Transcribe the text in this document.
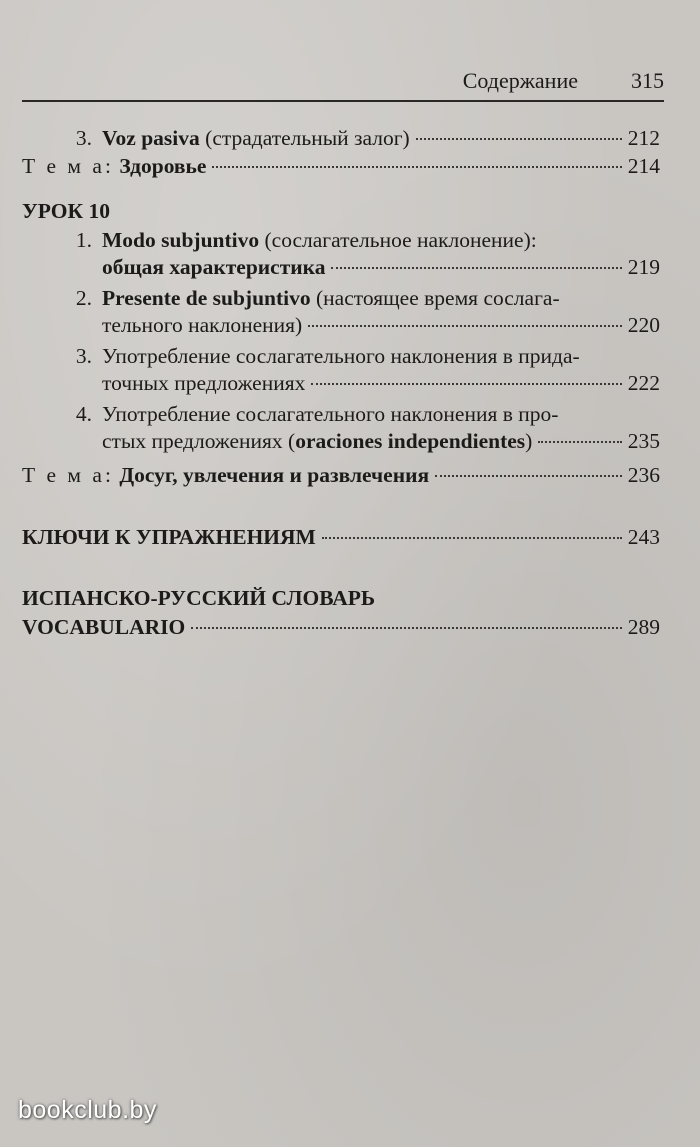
Содержание 315
3. Voz pasiva (страдательный залог)	212
Т е м а: Здоровье	214
УРОК 10
1. Modo subjuntivo (сослагательное наклонение):
общая характеристика	219
2. Presente de subjuntivo (настоящее время сослага-
тельного наклонения)	220
3. Употребление сослагательного наклонения в прида-
точных предложениях	222
4. Употребление сослагательного наклонения в про-
стых предложениях (oraciones independientes)	235
Т е м а: Досуг, увлечения и развлечения	236
КЛЮЧИ К УПРАЖНЕНИЯМ	243
ИСПАНСКО-РУССКИЙ СЛОВАРЬ
VOCABULARIO	289
bookclub.by
